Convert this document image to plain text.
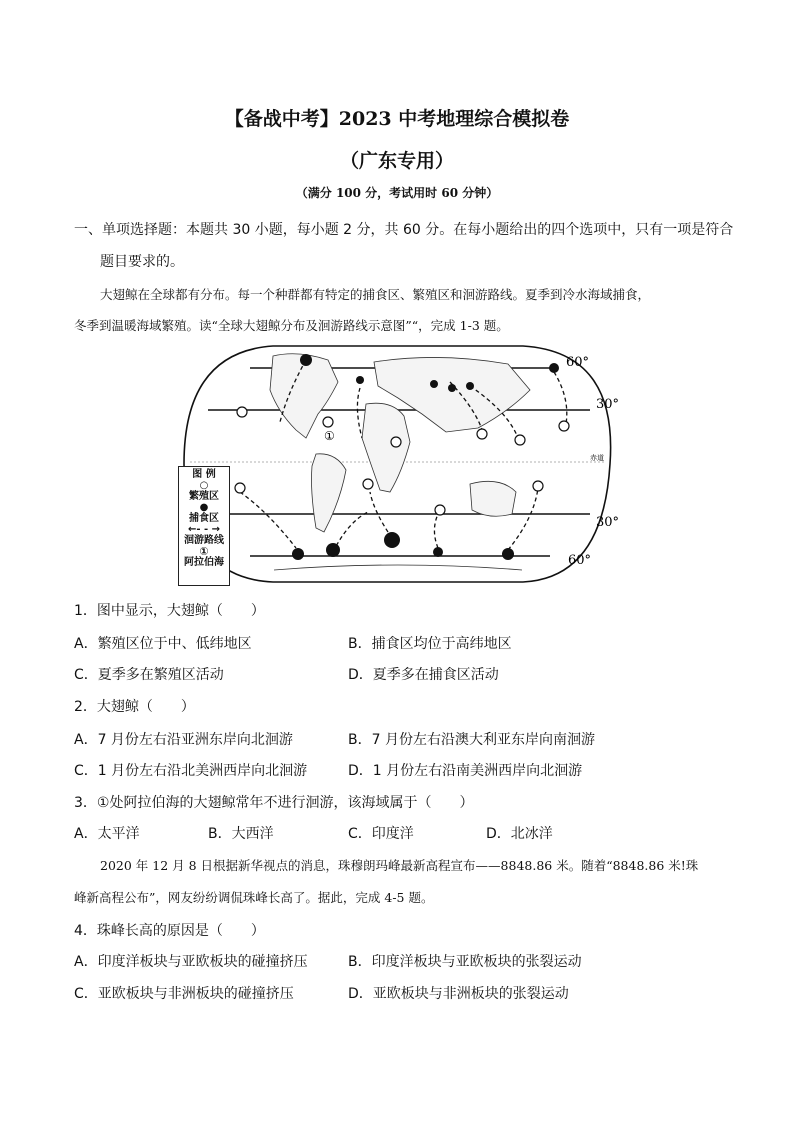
【备战中考】2023 中考地理综合模拟卷
（广东专用）
（满分 100 分，考试用时 60 分钟）
一、单项选择题：本题共 30 小题，每小题 2 分，共 60 分。在每小题给出的四个选项中，只有一项是符合
题目要求的。
大翅鲸在全球都有分布。每一个种群都有特定的捕食区、繁殖区和洄游路线。夏季到冷水海域捕食，
冬季到温暖海域繁殖。读“全球大翅鲸分布及洄游路线示意图”“，完成 1-3 题。
①
60°
30°
赤道
30°
60°
图 例
○
繁殖区
●
捕食区
←- - →
洄游路线
①
阿拉伯海
1．图中显示，大翅鲸（　　）
A．繁殖区位于中、低纬地区	B．捕食区均位于高纬地区
C．夏季多在繁殖区活动	D．夏季多在捕食区活动
2．大翅鲸（　　）
A．7 月份左右沿亚洲东岸向北洄游	B．7 月份左右沿澳大利亚东岸向南洄游
C．1 月份左右沿北美洲西岸向北洄游	D．1 月份左右沿南美洲西岸向北洄游
3．①处阿拉伯海的大翅鲸常年不进行洄游，该海域属于（　　）
A．太平洋	B．大西洋	C．印度洋	D．北冰洋
2020 年 12 月 8 日根据新华视点的消息，珠穆朗玛峰最新高程宣布——8848.86 米。随着“8848.86 米!珠
峰新高程公布”，网友纷纷调侃珠峰长高了。据此，完成 4-5 题。
4．珠峰长高的原因是（　　）
A．印度洋板块与亚欧板块的碰撞挤压	B．印度洋板块与亚欧板块的张裂运动
C．亚欧板块与非洲板块的碰撞挤压	D．亚欧板块与非洲板块的张裂运动
